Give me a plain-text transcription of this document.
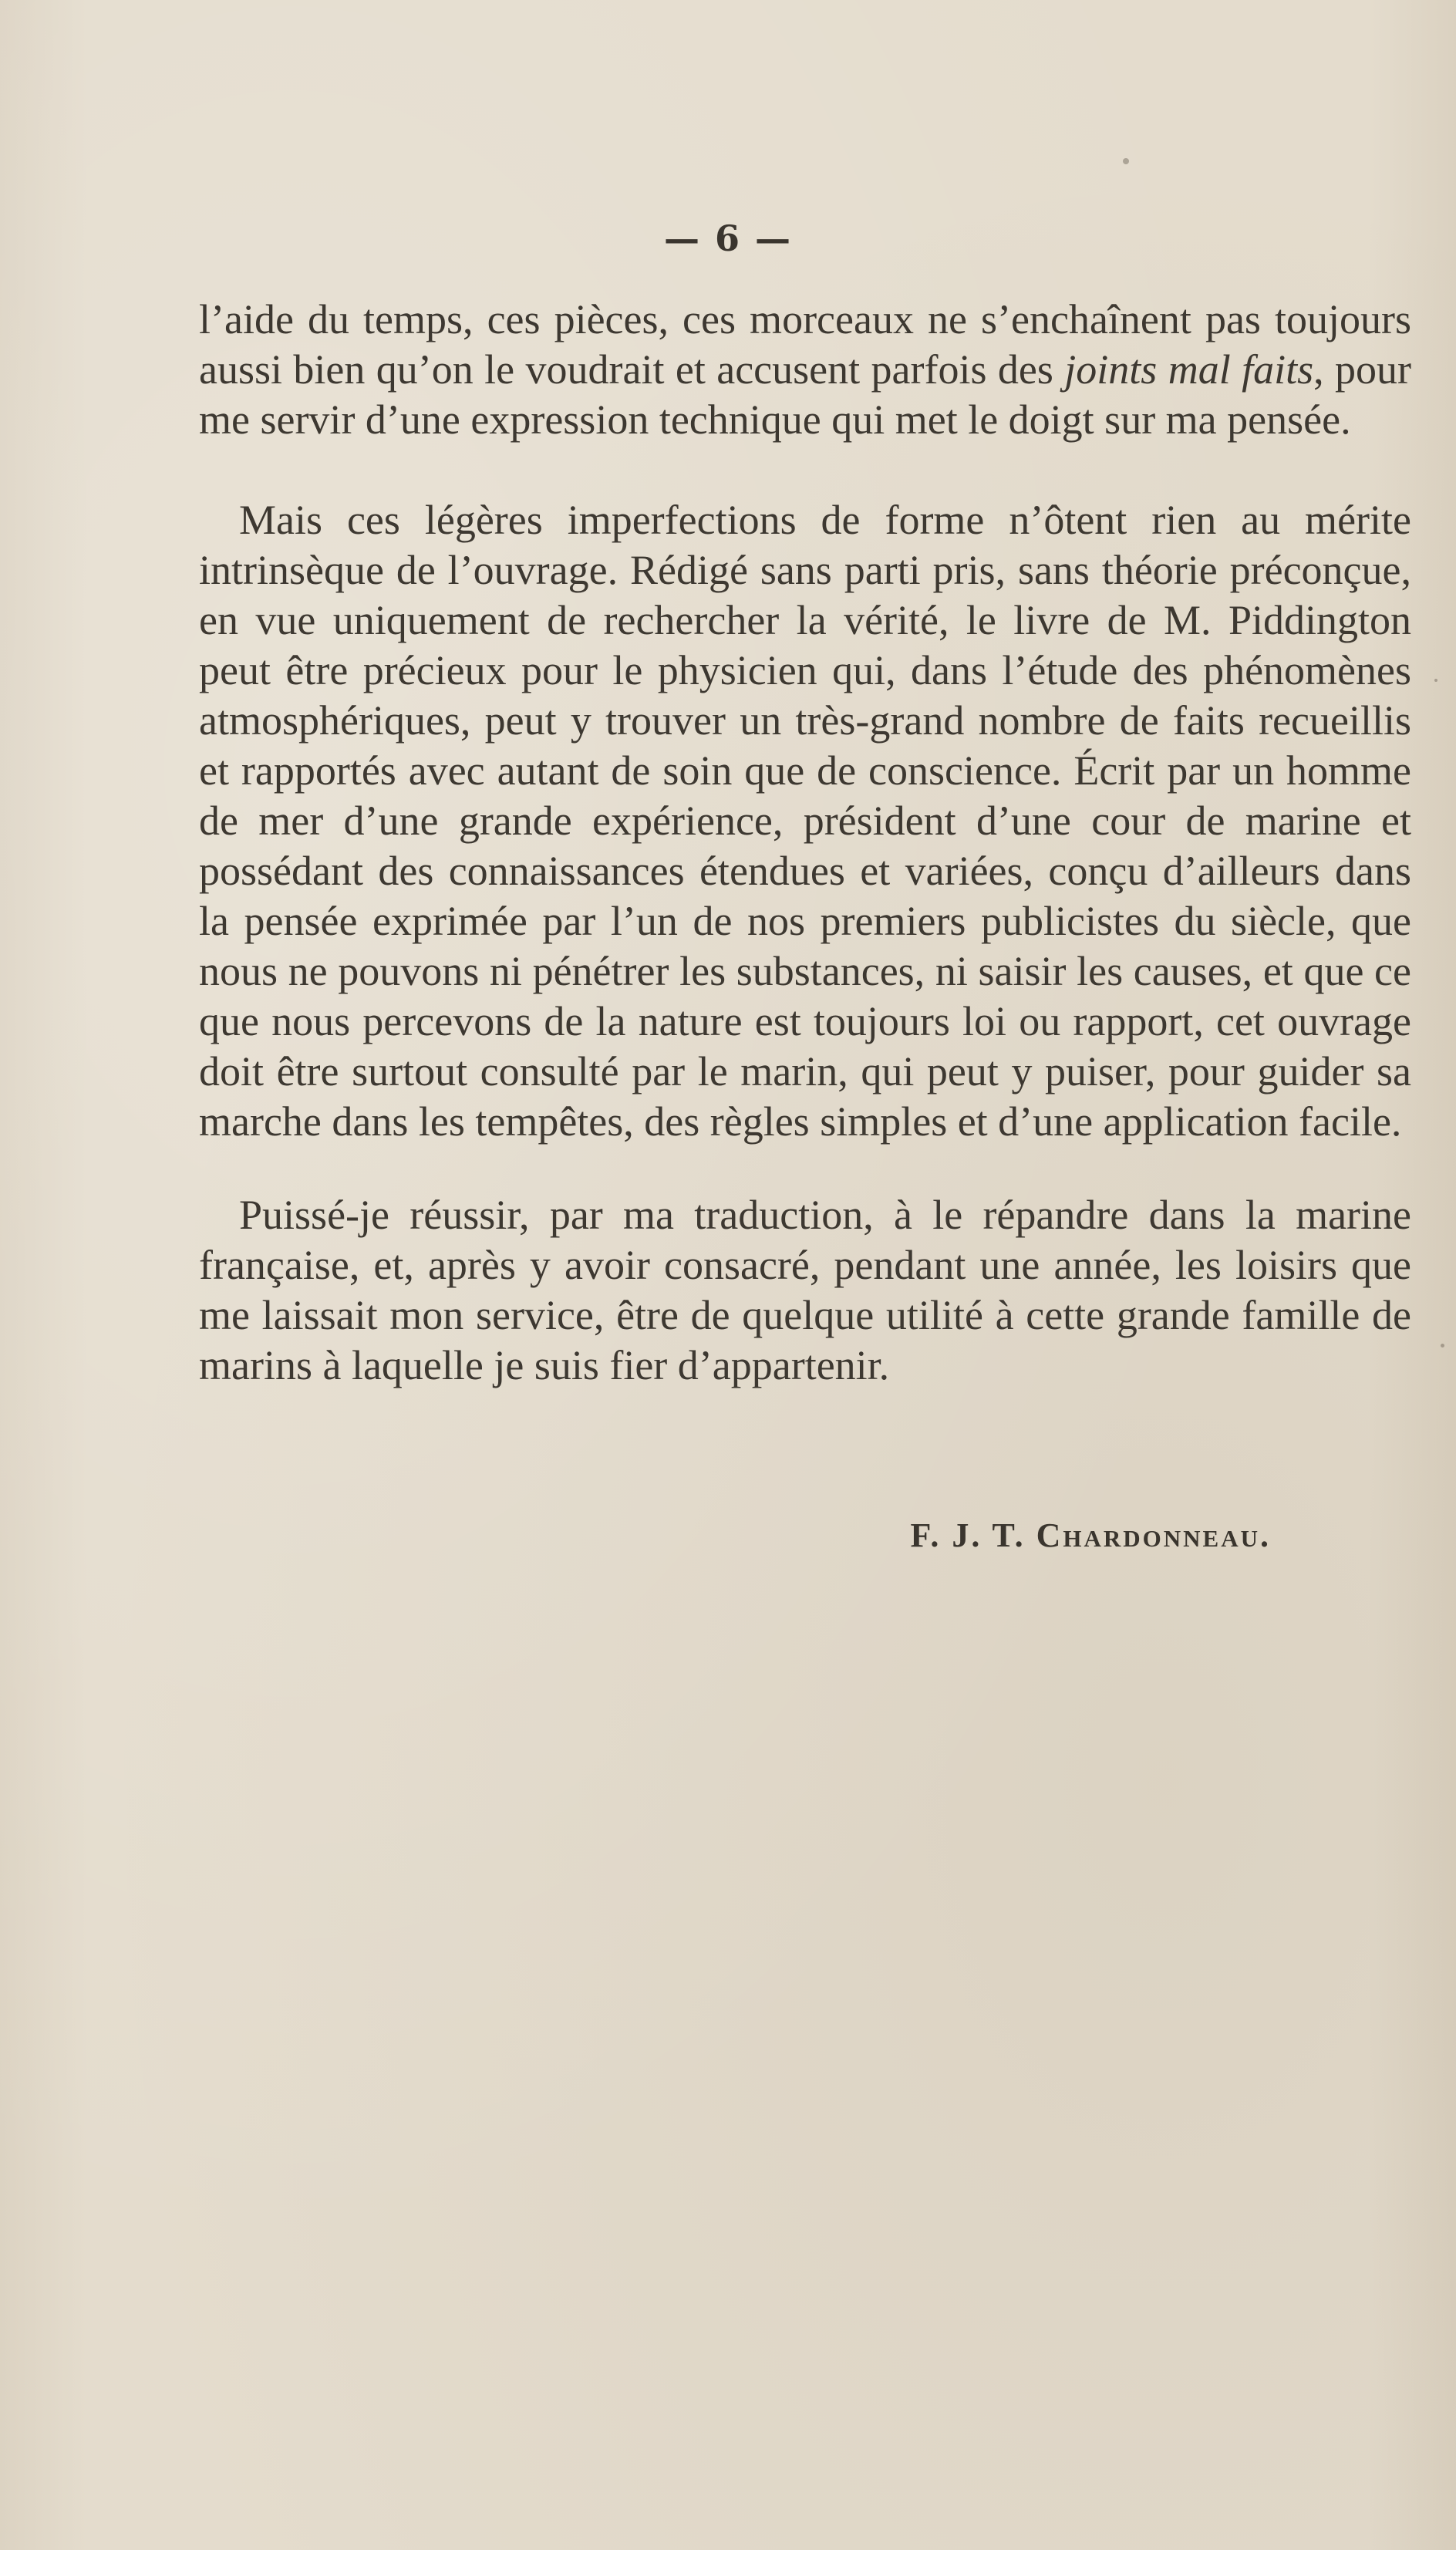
— 6 —

l’aide du temps, ces pièces, ces morceaux ne s’enchaînent pas toujours aussi bien qu’on le voudrait et accusent parfois des joints mal faits, pour me servir d’une expression technique qui met le doigt sur ma pensée.

Mais ces légères imperfections de forme n’ôtent rien au mérite intrinsèque de l’ouvrage. Rédigé sans parti pris, sans théorie préconçue, en vue uniquement de rechercher la vérité, le livre de M. Piddington peut être précieux pour le physicien qui, dans l’étude des phénomènes atmosphériques, peut y trouver un très-grand nombre de faits recueillis et rapportés avec autant de soin que de conscience. Écrit par un homme de mer d’une grande expérience, président d’une cour de marine et possédant des connaissances étendues et variées, conçu d’ailleurs dans la pensée exprimée par l’un de nos premiers publicistes du siècle, que nous ne pouvons ni pénétrer les substances, ni saisir les causes, et que ce que nous percevons de la nature est toujours loi ou rapport, cet ouvrage doit être surtout consulté par le marin, qui peut y puiser, pour guider sa marche dans les tempêtes, des règles simples et d’une application facile.

Puissé-je réussir, par ma traduction, à le répandre dans la marine française, et, après y avoir consacré, pendant une année, les loisirs que me laissait mon service, être de quelque utilité à cette grande famille de marins à laquelle je suis fier d’appartenir.

F. J. T. Chardonneau.
